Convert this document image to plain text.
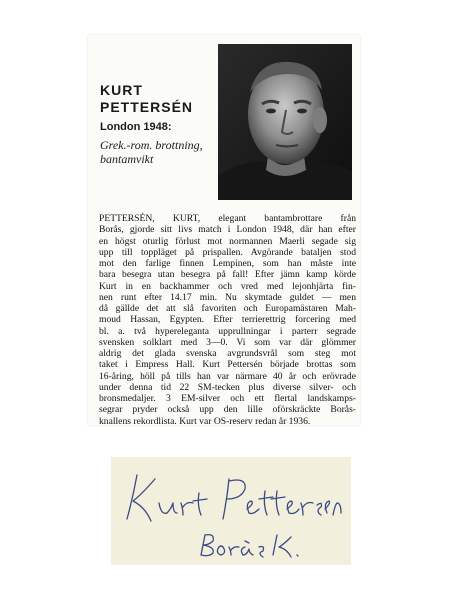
KURT
PETTERSÉN
London 1948:
Grek.-rom. brottning,
bantamvikt

PETTERSÉN, KURT, elegant bantambrottare från
Borås, gjorde sitt livs match i London 1948, där han efter
en högst oturlig förlust mot normannen Maerli segade sig
upp till toppläget på prispallen. Avgörande bataljen stod
mot den farlige finnen Lempinen, som han måste inte
bara besegra utan besegra på fall! Efter jämn kamp körde
Kurt in en backhammer och vred med lejonhjärta fin-
nen runt efter 14.17 min. Nu skymtade guldet — men
då gällde det att slå favoriten och Europamästaren Mah-
moud Hassan, Egypten. Efter terrierettrig forcering med
bl. a. två hypereleganta upprullningar i parterr segrade
svensken solklart med 3—0. Vi som var där glömmer
aldrig det glada svenska avgrundsvrål som steg mot
taket i Empress Hall. Kurt Pettersén började brottas som
16-åring, höll på tills han var närmare 40 år och erövrade
under denna tid 22 SM-tecken plus diverse silver- och
bronsmedaljer. 3 EM-silver och ett flertal landskamps-
segrar pryder också upp den lille oförskräckte Borås-
knallens rekordlista. Kurt var OS-reserv redan år 1936.
